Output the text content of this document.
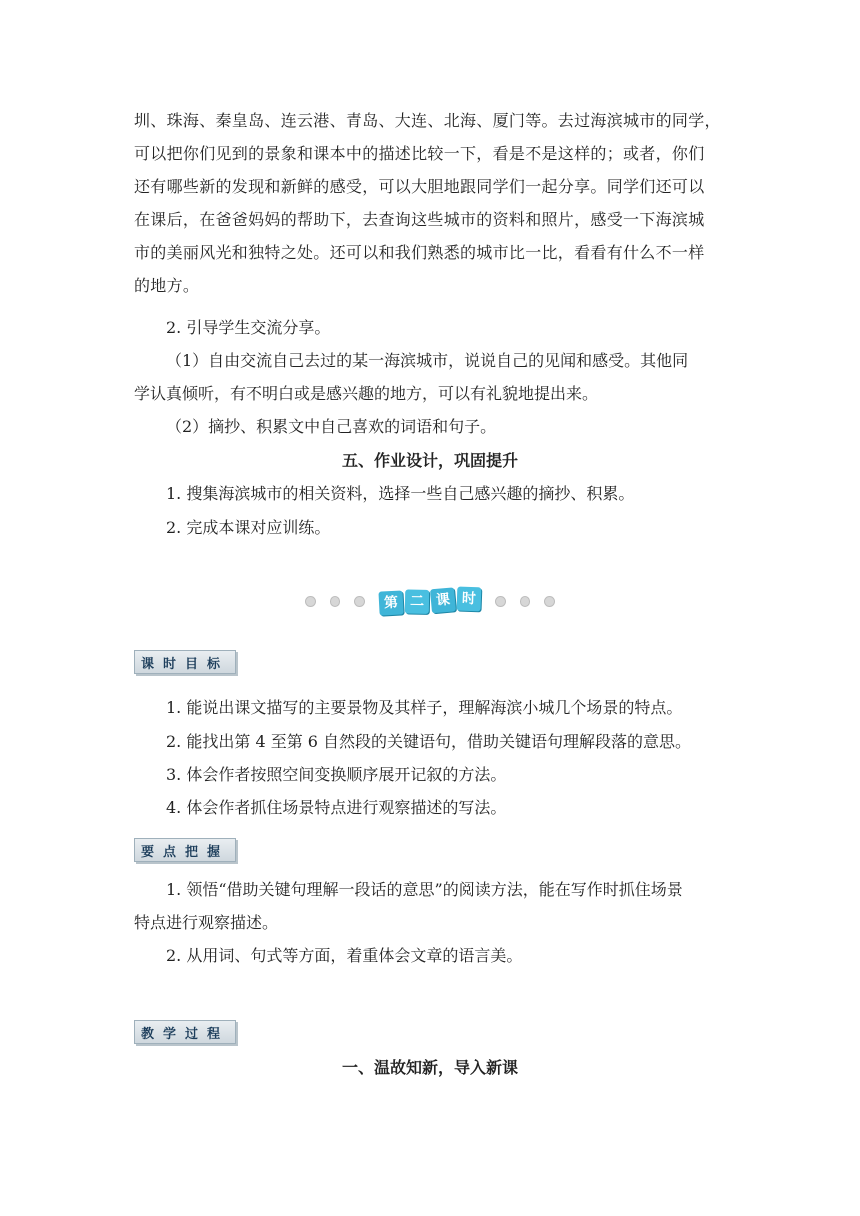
圳、珠海、秦皇岛、连云港、青岛、大连、北海、厦门等。去过海滨城市的同学，
可以把你们见到的景象和课本中的描述比较一下，看是不是这样的；或者，你们
还有哪些新的发现和新鲜的感受，可以大胆地跟同学们一起分享。同学们还可以
在课后，在爸爸妈妈的帮助下，去查询这些城市的资料和照片，感受一下海滨城
市的美丽风光和独特之处。还可以和我们熟悉的城市比一比，看看有什么不一样
的地方。
2. 引导学生交流分享。
（1）自由交流自己去过的某一海滨城市，说说自己的见闻和感受。其他同
学认真倾听，有不明白或是感兴趣的地方，可以有礼貌地提出来。
（2）摘抄、积累文中自己喜欢的词语和句子。
五、作业设计，巩固提升
1. 搜集海滨城市的相关资料，选择一些自己感兴趣的摘抄、积累。
2. 完成本课对应训练。
第 二 课 时
课时目标
1. 能说出课文描写的主要景物及其样子，理解海滨小城几个场景的特点。
2. 能找出第 4 至第 6 自然段的关键语句，借助关键语句理解段落的意思。
3. 体会作者按照空间变换顺序展开记叙的方法。
4. 体会作者抓住场景特点进行观察描述的写法。
要点把握
1. 领悟“借助关键句理解一段话的意思”的阅读方法，能在写作时抓住场景
特点进行观察描述。
2. 从用词、句式等方面，着重体会文章的语言美。
教学过程
一、温故知新，导入新课
